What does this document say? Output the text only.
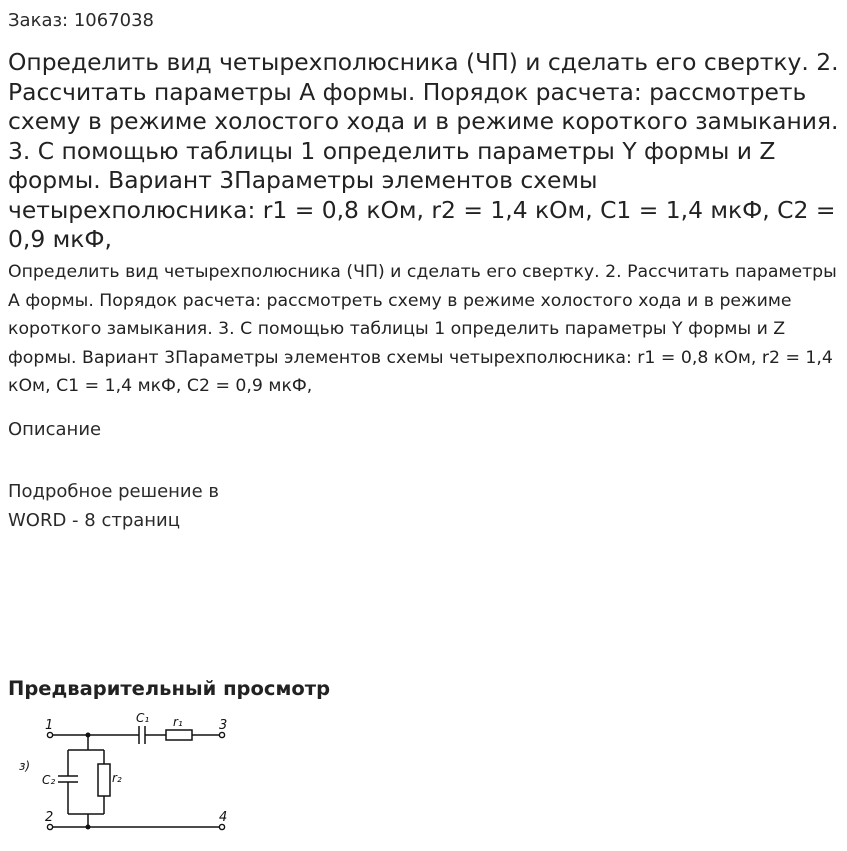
Заказ: 1067038
Определить вид четырехполюсника (ЧП) и сделать его свертку. 2. Рассчитать параметры А формы. Порядок расчета: рассмотреть схему в режиме холостого хода и в режиме короткого замыкания. 3. С помощью таблицы 1 определить параметры Y формы и Z формы. Вариант 3Параметры элементов схемы четырехполюсника: r1 = 0,8 кОм, r2 = 1,4 кОм, C1 = 1,4 мкФ, C2 = 0,9 мкФ,

Определить вид четырехполюсника (ЧП) и сделать его свертку. 2. Рассчитать параметры А формы. Порядок расчета: рассмотреть схему в режиме холостого хода и в режиме короткого замыкания. 3. С помощью таблицы 1 определить параметры Y формы и Z формы. Вариант 3Параметры элементов схемы четырехполюсника: r1 = 0,8 кОм, r2 = 1,4 кОм, C1 = 1,4 мкФ, C2 = 0,9 мкФ,

Описание
Подробное решение в WORD - 8 страниц
Предварительный просмотр
1
2
3
4
C₁ r₁
C₂	r₂
з)
